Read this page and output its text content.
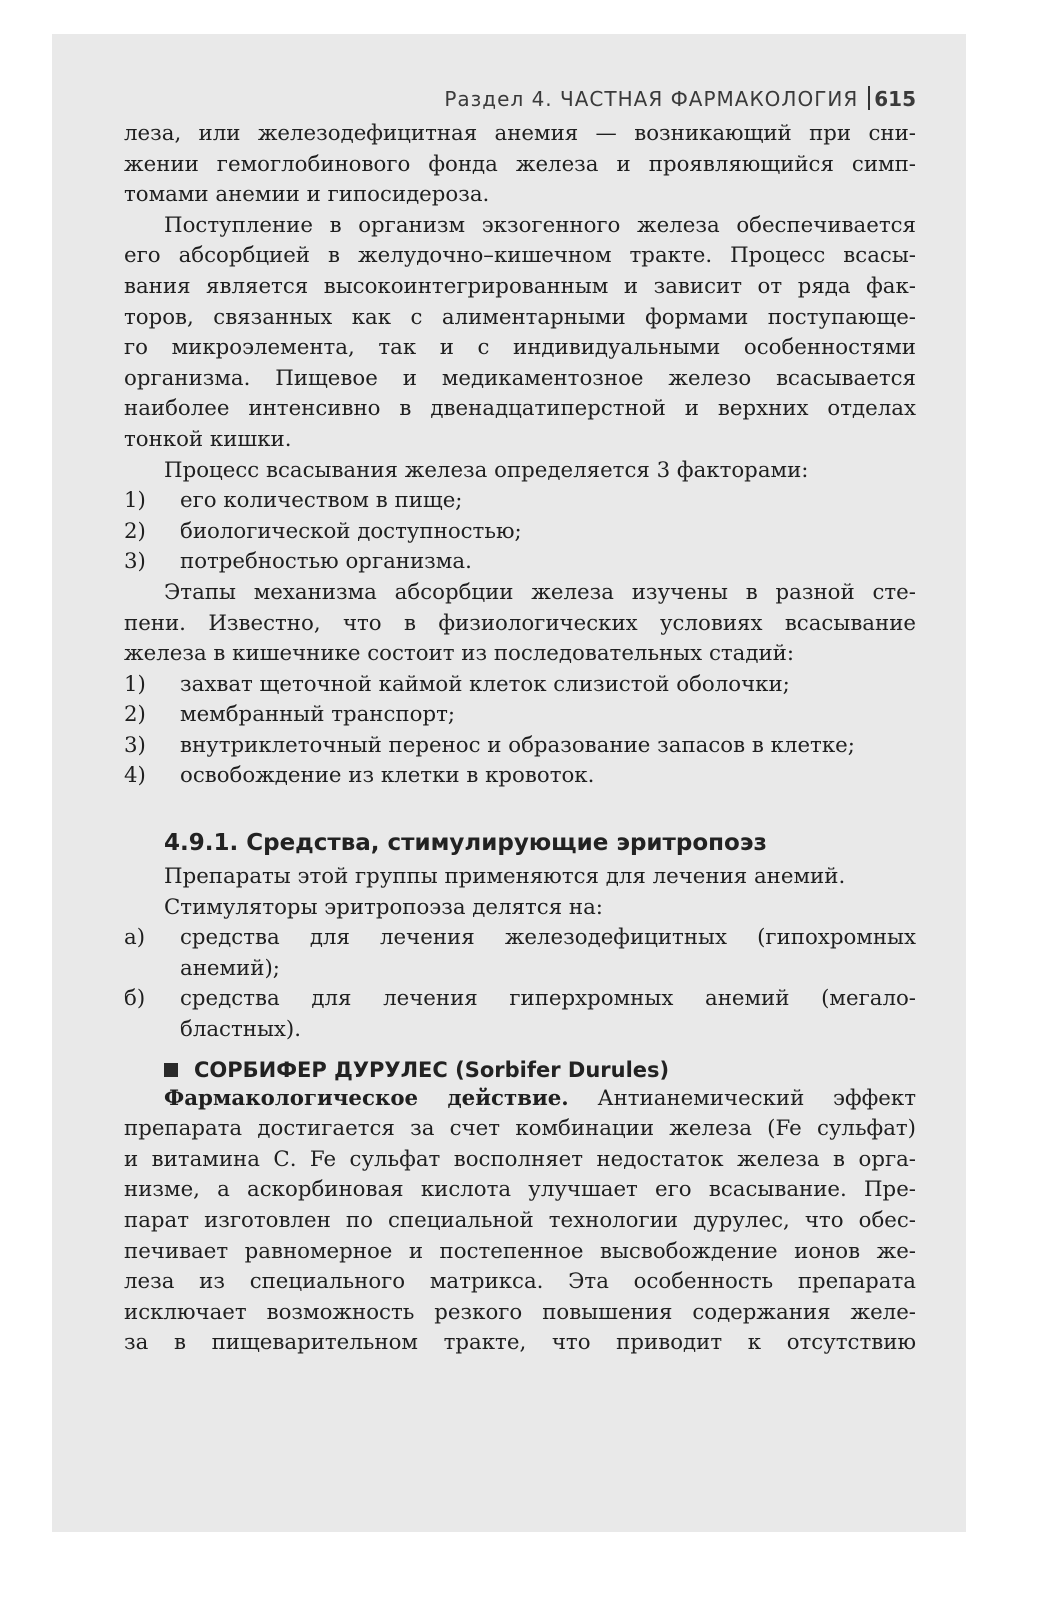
Раздел 4. ЧАСТНАЯ ФАРМАКОЛОГИЯ 615

леза, или железодефицитная анемия — возникающий при сни-
жении гемоглобинового фонда железа и проявляющийся симп-
томами анемии и гипосидероза.

Поступление в организм экзогенного железа обеспечивается
его абсорбцией в желудочно–кишечном тракте. Процесс всасы-
вания является высокоинтегрированным и зависит от ряда фак-
торов, связанных как с алиментарными формами поступающе-
го микроэлемента, так и с индивидуальными особенностями
организма. Пищевое и медикаментозное железо всасывается
наиболее интенсивно в двенадцатиперстной и верхних отделах
тонкой кишки.

Процесс всасывания железа определяется 3 факторами:

1)	его количеством в пище;
2)	биологической доступностью;
3)	потребностью организма.

Этапы механизма абсорбции железа изучены в разной сте-
пени. Известно, что в физиологических условиях всасывание
железа в кишечнике состоит из последовательных стадий:

1)	захват щеточной каймой клеток слизистой оболочки;
2)	мембранный транспорт;
3)	внутриклеточный перенос и образование запасов в клетке;
4)	освобождение из клетки в кровоток.
4.9.1. Средства, стимулирующие эритропоэз

Препараты этой группы применяются для лечения анемий.
Стимуляторы эритропоэза делятся на:

а)	средства для лечения железодефицитных (гипохромных
анемий);
б)	средства для лечения гиперхромных анемий (мегало-
бластных).
СОРБИФЕР ДУРУЛЕС
(Sorbifer Durules)

Фармакологическое действие. Антианемический эффект
препарата достигается за счет комбинации железа (Fe сульфат)
и витамина С. Fe сульфат восполняет недостаток железа в орга-
низме, а аскорбиновая кислота улучшает его всасывание. Пре-
парат изготовлен по специальной технологии дурулес, что обес-
печивает равномерное и постепенное высвобождение ионов же-
леза из специального матрикса. Эта особенность препарата
исключает возможность резкого повышения содержания желе-
за в пищеварительном тракте, что приводит к отсутствию
